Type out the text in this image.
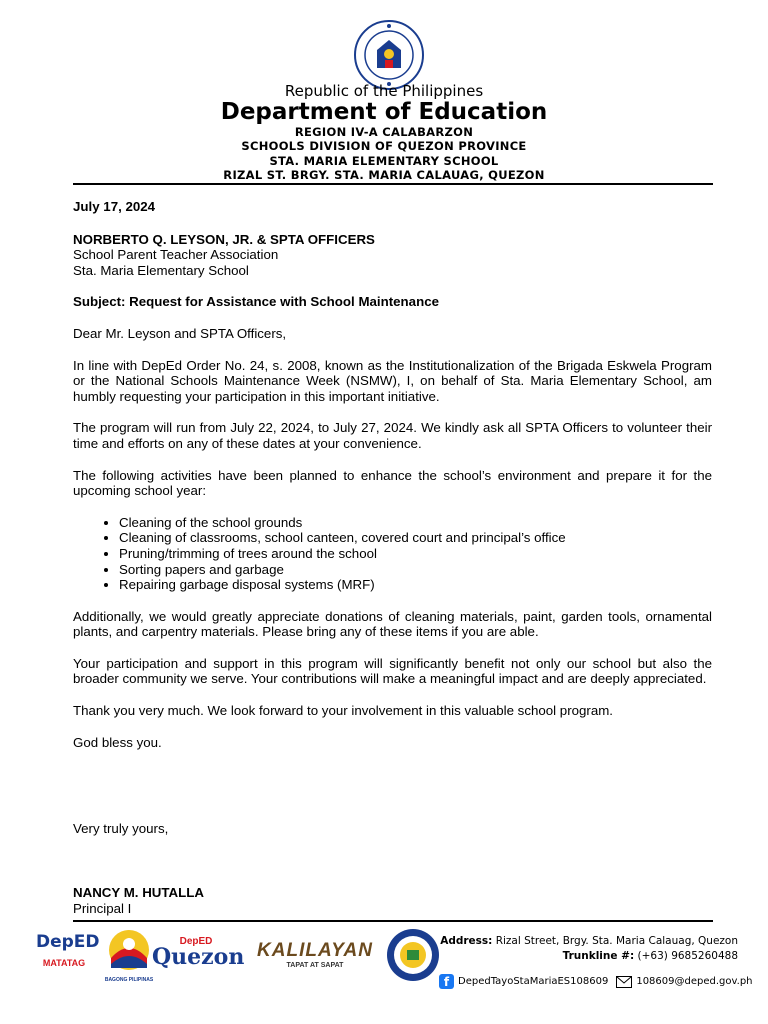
Republic of the Philippines
Department of Education
REGION IV-A CALABARZON
SCHOOLS DIVISION OF QUEZON PROVINCE
STA. MARIA ELEMENTARY SCHOOL
RIZAL ST. BRGY. STA. MARIA CALAUAG, QUEZON

July 17, 2024

NORBERTO Q. LEYSON, JR. & SPTA OFFICERS

School Parent Teacher Association

Sta. Maria Elementary School

Subject: Request for Assistance with School Maintenance

Dear Mr. Leyson and SPTA Officers,

In line with DepEd Order No. 24, s. 2008, known as the Institutionalization of the Brigada Eskwela Program or the National Schools Maintenance Week (NSMW), I, on behalf of Sta. Maria Elementary School, am humbly requesting your participation in this important initiative.

The program will run from July 22, 2024, to July 27, 2024. We kindly ask all SPTA Officers to volunteer their time and efforts on any of these dates at your convenience.

The following activities have been planned to enhance the school’s environment and prepare it for the upcoming school year:

• Cleaning of the school grounds
• Cleaning of classrooms, school canteen, covered court and principal’s office
• Pruning/trimming of trees around the school
• Sorting papers and garbage
• Repairing garbage disposal systems (MRF)

Additionally, we would greatly appreciate donations of cleaning materials, paint, garden tools, ornamental plants, and carpentry materials. Please bring any of these items if you are able.

Your participation and support in this program will significantly benefit not only our school but also the broader community we serve. Your contributions will make a meaningful impact and are deeply appreciated.

Thank you very much. We look forward to your involvement in this valuable school program.

God bless you.

Very truly yours,
NANCY M. HUTALLA
Principal I
DepED
MATATAG
BAGONG PILIPINAS
DepED
Quezon KALILAYAN
TAPAT AT SAPAT
Address: Rizal Street, Brgy. Sta. Maria Calauag, Quezon
Trunkline #: (+63) 9685260488
f DepedTayoStaMariaES108609	108609@deped.gov.ph
